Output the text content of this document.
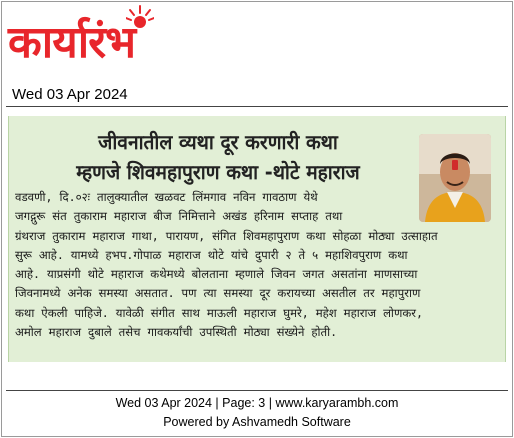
कार्यारंभ
Wed 03 Apr 2024
जीवनातील व्यथा दूर करणारी कथा
म्हणजे शिवमहापुराण कथा -थोटे महाराज
वडवणी, दि.०२ः तालुक्यातील खळवट लिंमगाव नविन गावठाण येथे
जगद्गुरू संत तुकाराम महाराज बीज निमित्ताने अखंड हरिनाम सप्ताह तथा
ग्रंथराज तुकाराम महाराज गाथा, पारायण, संगित शिवमहापुराण कथा सोहळा मोठ्या उत्साहात
सुरू आहे. यामध्ये हभप.गोपाळ महाराज थोटे यांचे दुपारी २ ते ५ महाशिवपुराण कथा
आहे. याप्रसंगी थोटे महाराज कथेमध्ये बोलताना म्हणाले जिवन जगत असतांना माणसाच्या
जिवनामध्ये अनेक समस्या असतात. पण त्या समस्या दूर करायच्या असतील तर महापुराण
कथा ऐकली पाहिजे. यावेळी संगीत साथ माऊली महाराज घुमरे, महेश महाराज लोणकर,
अमोल महाराज दुबाले तसेच गावकर्यांची उपस्थिती मोठ्या संख्येने होती.
Wed 03 Apr 2024 | Page: 3 | www.karyarambh.com
Powered by Ashvamedh Software
